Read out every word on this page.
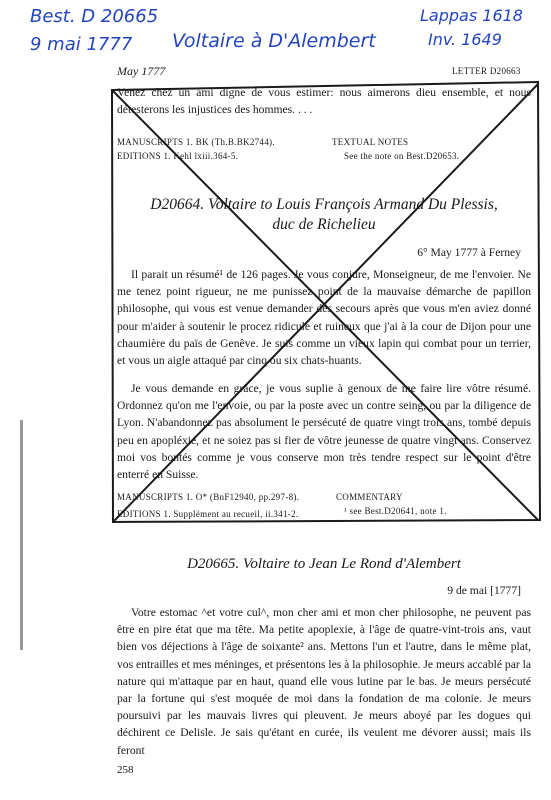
Best. D 20665
9 mai 1777 Voltaire à D'Alembert
Lappas 1618
Inv. 1649
May 1777	LETTER D20663
Venez chez un ami digne de vous estimer: nous aimerons dieu ensemble, et nous détesterons les injustices des hommes. . . .
MANUSCRIPTS 1. BK (Th.B.BK2744).
EDITIONS 1. Kehl lxiii.364-5.
TEXTUAL NOTES
See the note on Best.D20653.
D20664. Voltaire to Louis François Armand Du Plessis,
duc de Richelieu
6° May 1777 à Ferney
Il parait un résumé¹ de 126 pages. Je vous conjure, Monseigneur, de me l'envoier. Ne me tenez point rigueur, ne me punissez point de la mauvaise démarche de papillon philosophe, qui vous est venue demander des secours après que vous m'en aviez donné pour m'aider à soutenir le procez ridicule et ruineux que j'ai à la cour de Dijon pour une chaumière du païs de Genêve. Je suis comme un vieux lapin qui combat pour un terrier, et vous un aigle attaqué par cinq ou six chats-huants.
Je vous demande en grâce, je vous suplie à genoux de me faire lire vôtre résumé. Ordonnez qu'on me l'envoie, ou par la poste avec un contre seing, ou par la diligence de Lyon. N'abandonnez pas absolument le persécuté de quatre vingt trois ans, tombé depuis peu en apopléxie, et ne soiez pas si fier de vôtre jeunesse de quatre vingt ans. Conservez moi vos bontés comme je vous conserve mon très tendre respect sur le point d'être enterré en Suisse.
MANUSCRIPTS 1. O* (BnF12940, pp.297-8).
EDITIONS 1. Supplément au recueil, ii.341-2.
COMMENTARY
¹ see Best.D20641, note 1.
D20665. Voltaire to Jean Le Rond d'Alembert
9 de mai [1777]
Votre estomac ^et votre cul^, mon cher ami et mon cher philosophe, ne peuvent pas être en pire état que ma tête. Ma petite apoplexie, à l'âge de quatre-vint-trois ans, vaut bien vos déjections à l'âge de soixante² ans. Mettons l'un et l'autre, dans le même plat, vos entrailles et mes méninges, et présentons les à la philosophie. Je meurs accablé par la nature qui m'attaque par en haut, quand elle vous lutine par le bas. Je meurs persécuté par la fortune qui s'est moquée de moi dans la fondation de ma colonie. Je meurs poursuivi par les mauvais livres qui pleuvent. Je meurs aboyé par les dogues qui déchirent ce Delisle. Je sais qu'étant en curée, ils veulent me dévorer aussi; mais ils feront
258
